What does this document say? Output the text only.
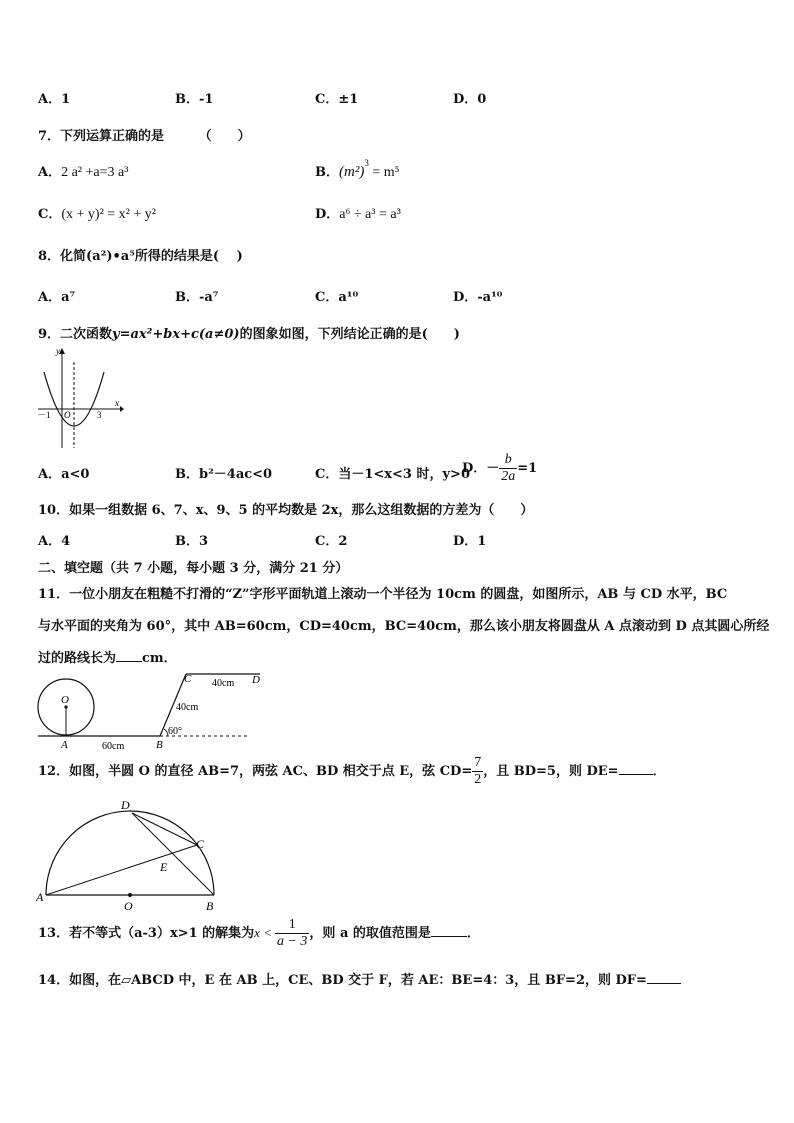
A．1	B．-1	C．±1	D．0
7．下列运算正确的是	（　　）
A．2 a² +a=3 a³	B．$(m^2)^3 = m^5$
C．(x + y)² = x² + y²	D．a⁶ ÷ a³ = a³
8．化简(a²)•a⁵所得的结果是(　 )
A．a⁷	B．-a⁷	C．a¹⁰	D．-a¹⁰
9．二次函数y=ax²+bx+c(a≠0)的图象如图，下列结论正确的是(　　)
y
x
－1 O	3
A．a<0	B．b²－4ac<0	C．当－1<x<3 时，y>0
D．－ $\frac{b}{2a} =1$
10．如果一组数据 6、7、x、9、5 的平均数是 2x，那么这组数据的方差为（　　）
A．4	B．3	C．2	D．1
二、填空题（共 7 小题，每小题 3 分，满分 21 分）
11．一位小朋友在粗糙不打滑的“Z”字形平面轨道上滚动一个半径为 10cm 的圆盘，如图所示，AB 与 CD 水平，BC
与水平面的夹角为 60°，其中 AB=60cm，CD=40cm，BC=40cm，那么该小朋友将圆盘从 A 点滚动到 D 点其圆心所经
过的路线长为 cm．
O
A	B
C	D
60cm
40cm
40cm
60°
12．如图，半圆 O 的直径 AB=7，两弦 AC、BD 相交于点 E，弦 $CD= \frac{7}{2}$ ，且 BD=5，则 DE=	．
A
B
C
D
E
O
13．若不等式（a-3）x>1 的解集为$x < \frac{1}{a - 3}$ ，则 a 的取值范围是	．
14．如图，在▱ABCD 中，E 在 AB 上，CE、BD 交于 F，若 AE：BE=4：3，且 BF=2，则 DF=
